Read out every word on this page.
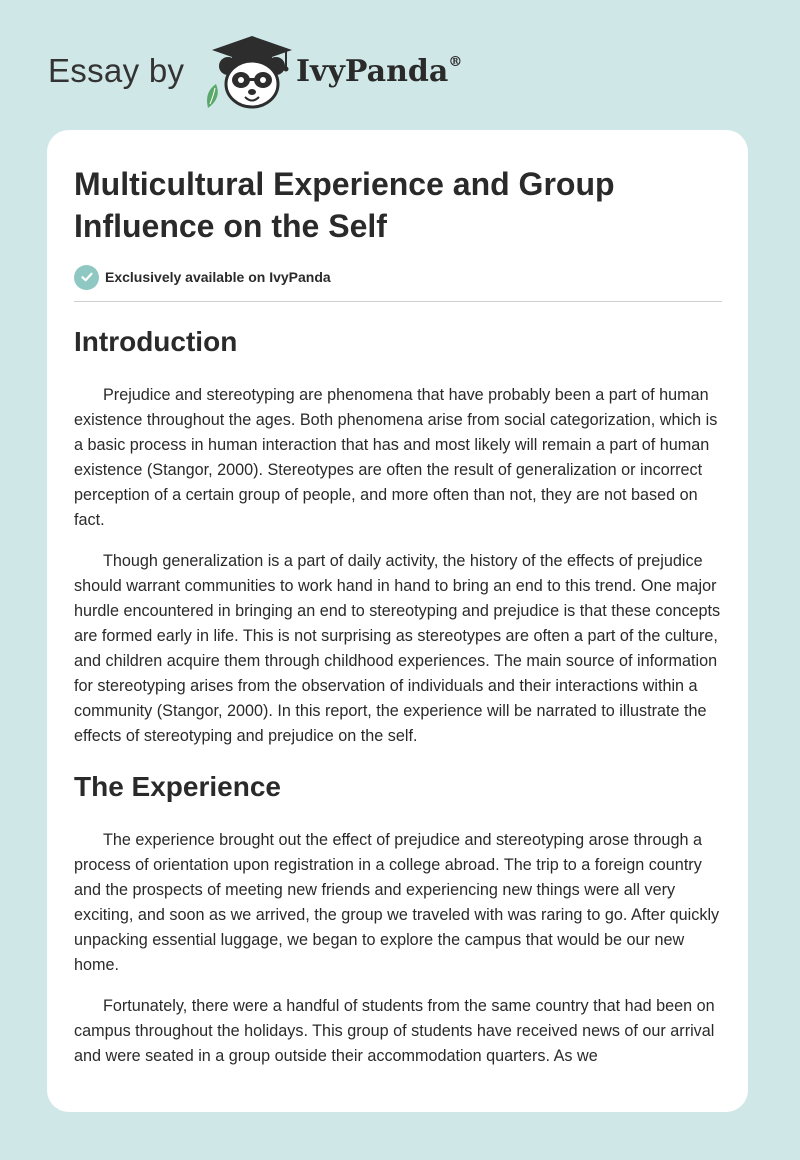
Essay by	IvyPanda®
Multicultural Experience and Group Influence on the Self
Exclusively available on IvyPanda
Introduction

Prejudice and stereotyping are phenomena that have probably been a part of human existence throughout the ages. Both phenomena arise from social categorization, which is a basic process in human interaction that has and most likely will remain a part of human existence (Stangor, 2000). Stereotypes are often the result of generalization or incorrect perception of a certain group of people, and more often than not, they are not based on fact.

Though generalization is a part of daily activity, the history of the effects of prejudice should warrant communities to work hand in hand to bring an end to this trend. One major hurdle encountered in bringing an end to stereotyping and prejudice is that these concepts are formed early in life. This is not surprising as stereotypes are often a part of the culture, and children acquire them through childhood experiences. The main source of information for stereotyping arises from the observation of individuals and their interactions within a community (Stangor, 2000). In this report, the experience will be narrated to illustrate the effects of stereotyping and prejudice on the self.

The Experience

The experience brought out the effect of prejudice and stereotyping arose through a process of orientation upon registration in a college abroad. The trip to a foreign country and the prospects of meeting new friends and experiencing new things were all very exciting, and soon as we arrived, the group we traveled with was raring to go. After quickly unpacking essential luggage, we began to explore the campus that would be our new home.

Fortunately, there were a handful of students from the same country that had been on campus throughout the holidays. This group of students have received news of our arrival and were seated in a group outside their accommodation quarters. As we
